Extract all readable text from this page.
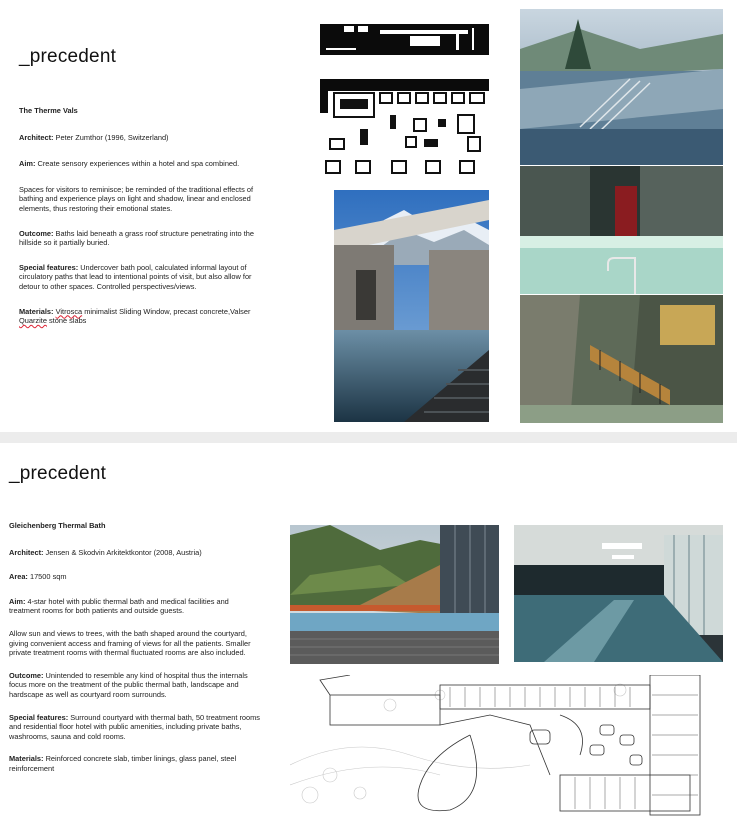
_precedent

The Therme Vals

Architect: Peter Zumthor (1996, Switzerland)

Aim: Create sensory experiences within a hotel and spa combined.

Spaces for visitors to reminisce; be reminded of the traditional effects of bathing and experience plays on light and shadow, linear and enclosed elements, thus restoring their emotional states.

Outcome: Baths laid beneath a grass roof structure penetrating into the hillside so it partially buried.

Special features: Undercover bath pool, calculated informal layout of circulatory paths that lead to intentional points of visit, but also allow for detour to other spaces. Controlled perspectives/views.

Materials: Vitrosca minimalist Sliding Window, precast concrete,Valser Quarzite stone slabs

_precedent

Gleichenberg Thermal Bath

Architect: Jensen & Skodvin Arkitektkontor (2008, Austria)

Area: 17500 sqm

Aim: 4-star hotel with public thermal bath and medical facilities and treatment rooms for both patients and outside guests.

Allow sun and views to trees, with the bath shaped around the courtyard, giving convenient access and framing of views for all the patients. Smaller private treatment rooms with thermal fluctuated rooms are also included.

Outcome: Unintended to resemble any kind of hospital thus the internals focus more on the treatment of the public thermal bath, landscape and hardscape as well as courtyard room surrounds.

Special features: Surround courtyard with thermal bath, 50 treatment rooms and residential floor hotel with public amenities, including private baths, washrooms, sauna and cold rooms.

Materials: Reinforced concrete slab, timber linings, glass panel, steel reinforcement
